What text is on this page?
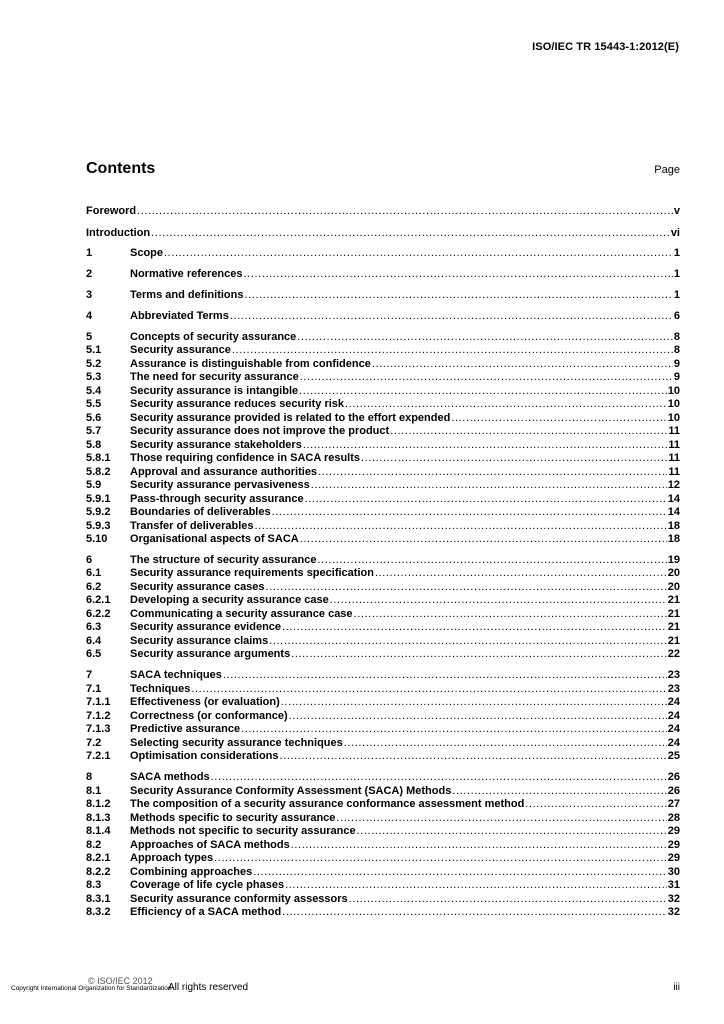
ISO/IEC TR 15443-1:2012(E)
Contents	Page
Foreword .....	v
Introduction .....	vi
1	Scope .....	1
2	Normative references .....	1
3	Terms and definitions .....	1
4	Abbreviated Terms .....	6
5	Concepts of security assurance .....	8
5.1	Security assurance .....	8
5.2	Assurance is distinguishable from confidence .....	9
5.3	The need for security assurance .....	9
5.4	Security assurance is intangible .....	10
5.5	Security assurance reduces security risk .....	10
5.6	Security assurance provided is related to the effort expended .....	10
5.7	Security assurance does not improve the product .....	11
5.8	Security assurance stakeholders .....	11
5.8.1	Those requiring confidence in SACA results .....	11
5.8.2	Approval and assurance authorities .....	11
5.9	Security assurance pervasiveness .....	12
5.9.1	Pass-through security assurance .....	14
5.9.2	Boundaries of deliverables .....	14
5.9.3	Transfer of deliverables .....	18
5.10	Organisational aspects of SACA .....	18
6	The structure of security assurance .....	19
6.1	Security assurance requirements specification .....	20
6.2	Security assurance cases .....	20
6.2.1	Developing a security assurance case .....	21
6.2.2	Communicating a security assurance case .....	21
6.3	Security assurance evidence .....	21
6.4	Security assurance claims .....	21
6.5	Security assurance arguments .....	22
7	SACA techniques .....	23
7.1	Techniques .....	23
7.1.1	Effectiveness (or evaluation) .....	24
7.1.2	Correctness (or conformance) .....	24
7.1.3	Predictive assurance .....	24
7.2	Selecting security assurance techniques .....	24
7.2.1	Optimisation considerations .....	25
8	SACA methods .....	26
8.1	Security Assurance Conformity Assessment (SACA) Methods .....	26
8.1.2	The composition of a security assurance conformance assessment method .....	27
8.1.3	Methods specific to security assurance .....	28
8.1.4	Methods not specific to security assurance .....	29
8.2	Approaches of SACA methods .....	29
8.2.1	Approach types .....	29
8.2.2	Combining approaches .....	30
8.3	Coverage of life cycle phases .....	31
8.3.1	Security assurance conformity assessors .....	32
8.3.2	Efficiency of a SACA method .....	32
© ISO/IEC 2012
Copyright International Organization for Standardization
All rights reserved	iii
